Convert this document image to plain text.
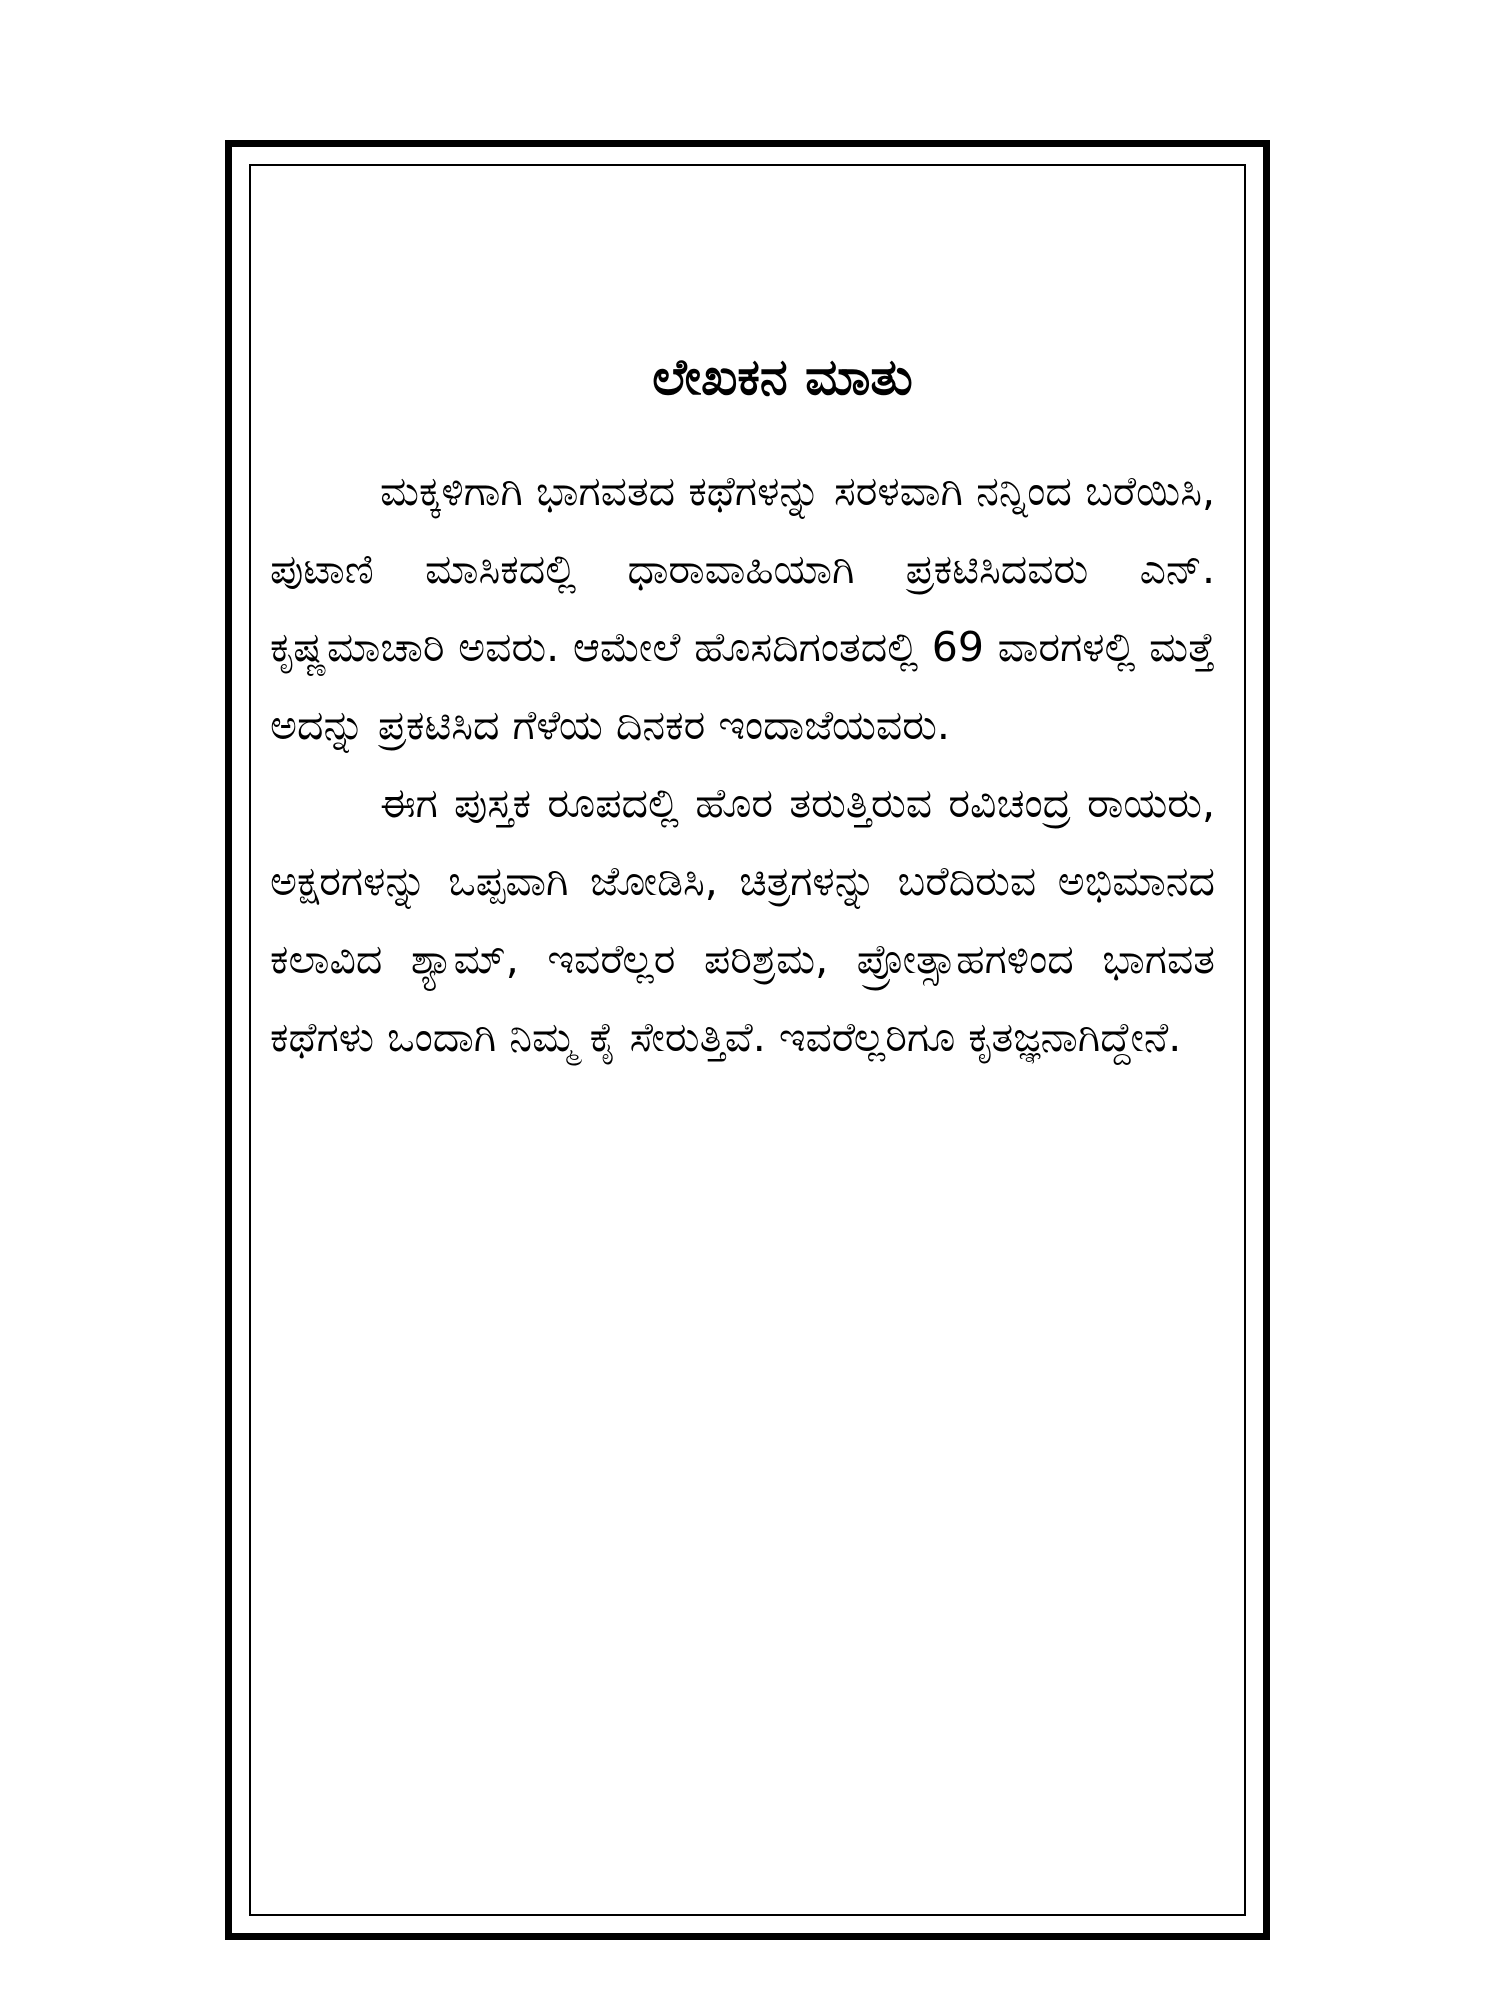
ಲೇಖಕನ ಮಾತು

ಮಕ್ಕಳಿಗಾಗಿ ಭಾಗವತದ ಕಥೆಗಳನ್ನು ಸರಳವಾಗಿ ನನ್ನಿಂದ ಬರೆಯಿಸಿ, ಪುಟಾಣಿ ಮಾಸಿಕದಲ್ಲಿ ಧಾರಾವಾಹಿಯಾಗಿ ಪ್ರಕಟಿಸಿದವರು ಎನ್. ಕೃಷ್ಣಮಾಚಾರಿ ಅವರು. ಆಮೇಲೆ ಹೊಸದಿಗಂತದಲ್ಲಿ 69 ವಾರಗಳಲ್ಲಿ ಮತ್ತೆ ಅದನ್ನು ಪ್ರಕಟಿಸಿದ ಗೆಳೆಯ ದಿನಕರ ಇಂದಾಜೆಯವರು.

ಈಗ ಪುಸ್ತಕ ರೂಪದಲ್ಲಿ ಹೊರ ತರುತ್ತಿರುವ ರವಿಚಂದ್ರ ರಾಯರು, ಅಕ್ಷರಗಳನ್ನು ಒಪ್ಪವಾಗಿ ಜೋಡಿಸಿ, ಚಿತ್ರಗಳನ್ನು ಬರೆದಿರುವ ಅಭಿಮಾನದ ಕಲಾವಿದ ಶ್ಯಾಮ್, ಇವರೆಲ್ಲರ ಪರಿಶ್ರಮ, ಪ್ರೋತ್ಸಾಹಗಳಿಂದ ಭಾಗವತ ಕಥೆಗಳು ಒಂದಾಗಿ ನಿಮ್ಮ ಕೈ ಸೇರುತ್ತಿವೆ. ಇವರೆಲ್ಲರಿಗೂ ಕೃತಜ್ಞನಾಗಿದ್ದೇನೆ.
